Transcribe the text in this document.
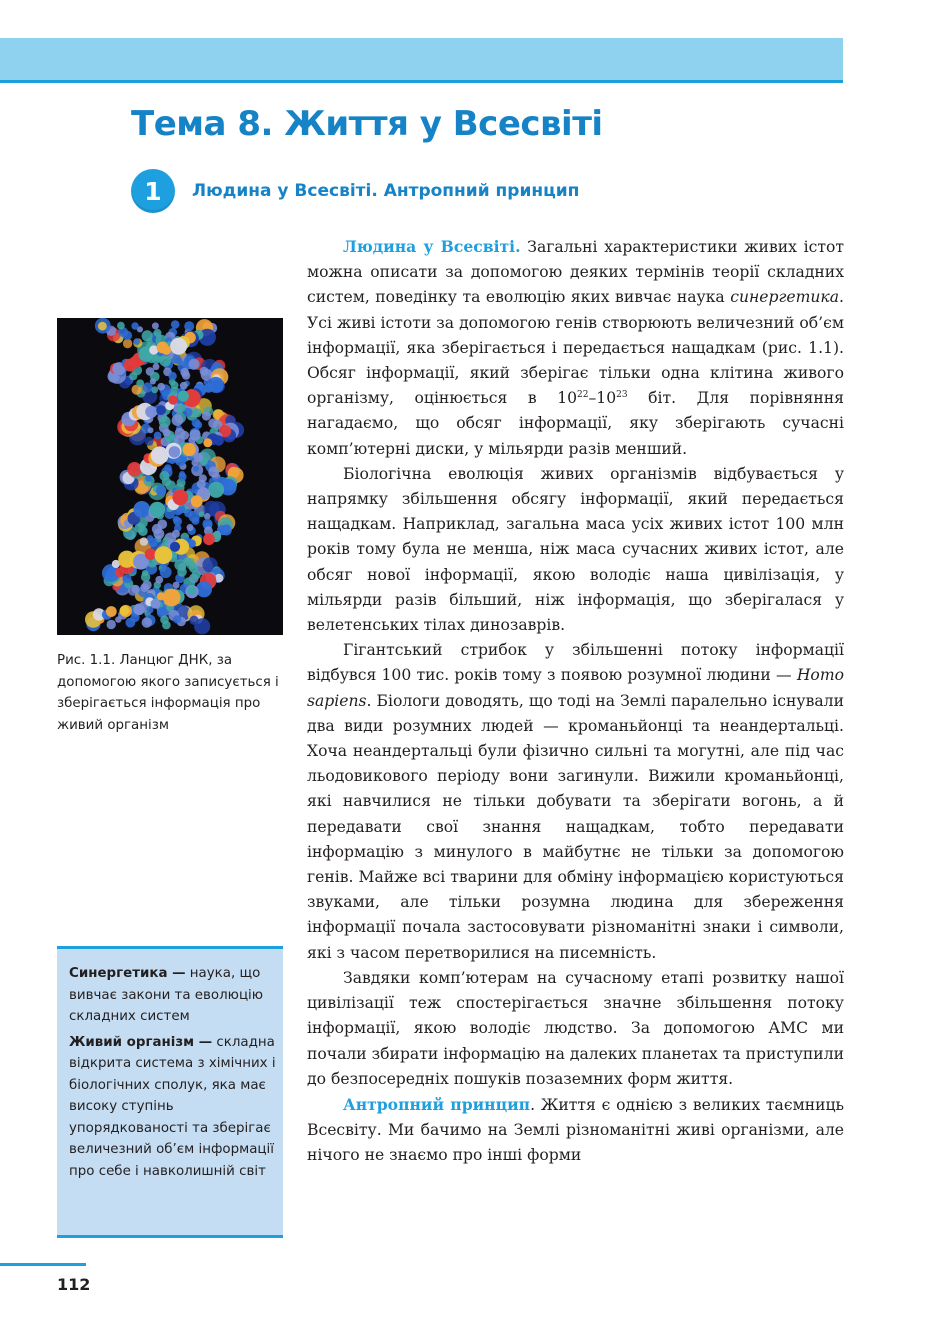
Тема 8. Життя у Всесвіті
1	Людина у Всесвіті. Антропний принцип
Рис. 1.1. Ланцюг ДНК, за допомогою якого записується і зберігається інформація про живий організм

Синергетика — наука, що вивчає закони та еволюцію складних систем

Живий організм — складна відкрита система з хімічних і біологічних сполук, яка має високу ступінь упорядкованості та зберігає величезний об’єм інформації про себе і навколишній світ

Людина у Всесвіті. Загальні характеристики живих істот можна описати за допомогою деяких термінів теорії складних систем, поведінку та еволюцію яких вивчає наука синергетика. Усі живі істоти за допомогою генів створюють величезний об’єм інформації, яка зберігається і передається нащадкам (рис. 1.1). Обсяг інформації, який зберігає тільки одна клітина живого організму, оцінюється в $10^{22}-10^{23}$ біт. Для порівняння нагадаємо, що обсяг інформації, яку зберігають сучасні комп’ютерні диски, у мільярди разів менший.

Біологічна еволюція живих організмів відбувається у напрямку збільшення обсягу інформації, який передається нащадкам. Наприклад, загальна маса усіх живих істот 100 млн років тому була не менша, ніж маса сучасних живих істот, але обсяг нової інформації, якою володіє наша цивілізація, у мільярди разів більший, ніж інформація, що зберігалася у велетенських тілах динозаврів.

Гігантський стрибок у збільшенні потоку інформації відбувся 100 тис. років тому з появою розумної людини — Homo sapiens. Біологи доводять, що тоді на Землі паралельно існували два види розумних людей — кроманьйонці та неандертальці. Хоча неандертальці були фізично сильні та могутні, але під час льодовикового періоду вони загинули. Вижили кроманьйонці, які навчилися не тільки добувати та зберігати вогонь, а й передавати свої знання нащадкам, тобто передавати інформацію з минулого в майбутнє не тільки за допомогою генів. Майже всі тварини для обміну інформацією користуються звуками, але тільки розумна людина для збереження інформації почала застосовувати різноманітні знаки і символи, які з часом перетворилися на писемність.

Завдяки комп’ютерам на сучасному етапі розвитку нашої цивілізації теж спостерігається значне збільшення потоку інформації, якою володіє людство. За допомогою АМС ми почали збирати інформацію на далеких планетах та приступили до безпосередніх пошуків позаземних форм життя.

Антропний принцип. Життя є однією з великих таємниць Всесвіту. Ми бачимо на Землі різноманітні живі організми, але нічого не знаємо про інші форми

112
